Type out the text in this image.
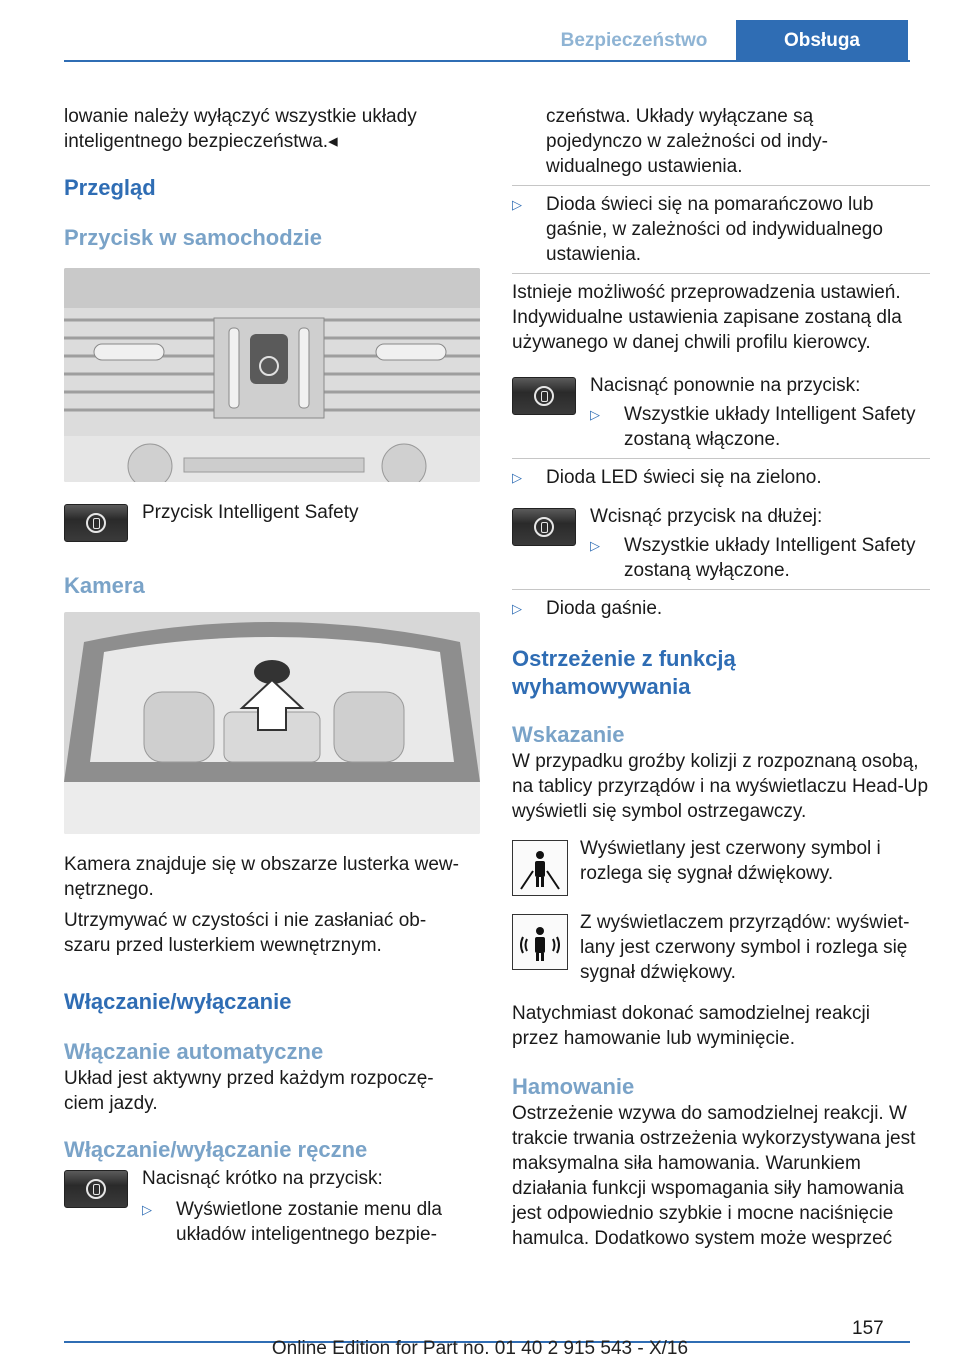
Bezpieczeństwo	Obsługa

lowanie należy wyłączyć wszystkie układy inteligentnego bezpieczeństwa.◂

Przegląd

Przycisk w samochodzie

Przycisk Intelligent Safety

Kamera

Kamera znajduje się w obszarze lusterka wew‐nętrznego.

Utrzymywać w czystości i nie zasłaniać ob‐szaru przed lusterkiem wewnętrznym.

Włączanie/wyłączanie

Włączanie automatyczne

Układ jest aktywny przed każdym rozpoczę‐ciem jazdy.

Włączanie/wyłączanie ręczne

Nacisnąć krótko na przycisk:

▷	Wyświetlone zostanie menu dla układów inteligentnego bezpie‐

czeństwa. Układy wyłączane są pojedynczo w zależności od indy‐widualnego ustawienia.

▷	Dioda świeci się na pomarańczowo lub gaśnie, w zależności od indywidualnego ustawienia.

Istnieje możliwość przeprowadzenia ustawień. Indywidualne ustawienia zapisane zostaną dla używanego w danej chwili profilu kierowcy.

Nacisnąć ponownie na przycisk:

▷	Wszystkie układy Intelligent Safety zostaną włączone.

▷	Dioda LED świeci się na zielono.

Wcisnąć przycisk na dłużej:

▷	Wszystkie układy Intelligent Safety zostaną wyłączone.

▷	Dioda gaśnie.

Ostrzeżenie z funkcją wyhamowywania

Wskazanie

W przypadku groźby kolizji z rozpoznaną osobą, na tablicy przyrządów i na wyświetlaczu Head-Up wyświetli się symbol ostrzegawczy.

Wyświetlany jest czerwony symbol i rozlega się sygnał dźwiękowy.

Z wyświetlaczem przyrządów: wyświet‐lany jest czerwony symbol i rozlega się sygnał dźwiękowy.

Natychmiast dokonać samodzielnej reakcji przez hamowanie lub wyminięcie.

Hamowanie

Ostrzeżenie wzywa do samodzielnej reakcji. W trakcie trwania ostrzeżenia wykorzystywana jest maksymalna siła hamowania. Warunkiem działania funkcji wspomagania siły hamowania jest odpowiednio szybkie i mocne naciśnięcie hamulca. Dodatkowo system może wesprzeć

157
Online Edition for Part no. 01 40 2 915 543 - X/16
